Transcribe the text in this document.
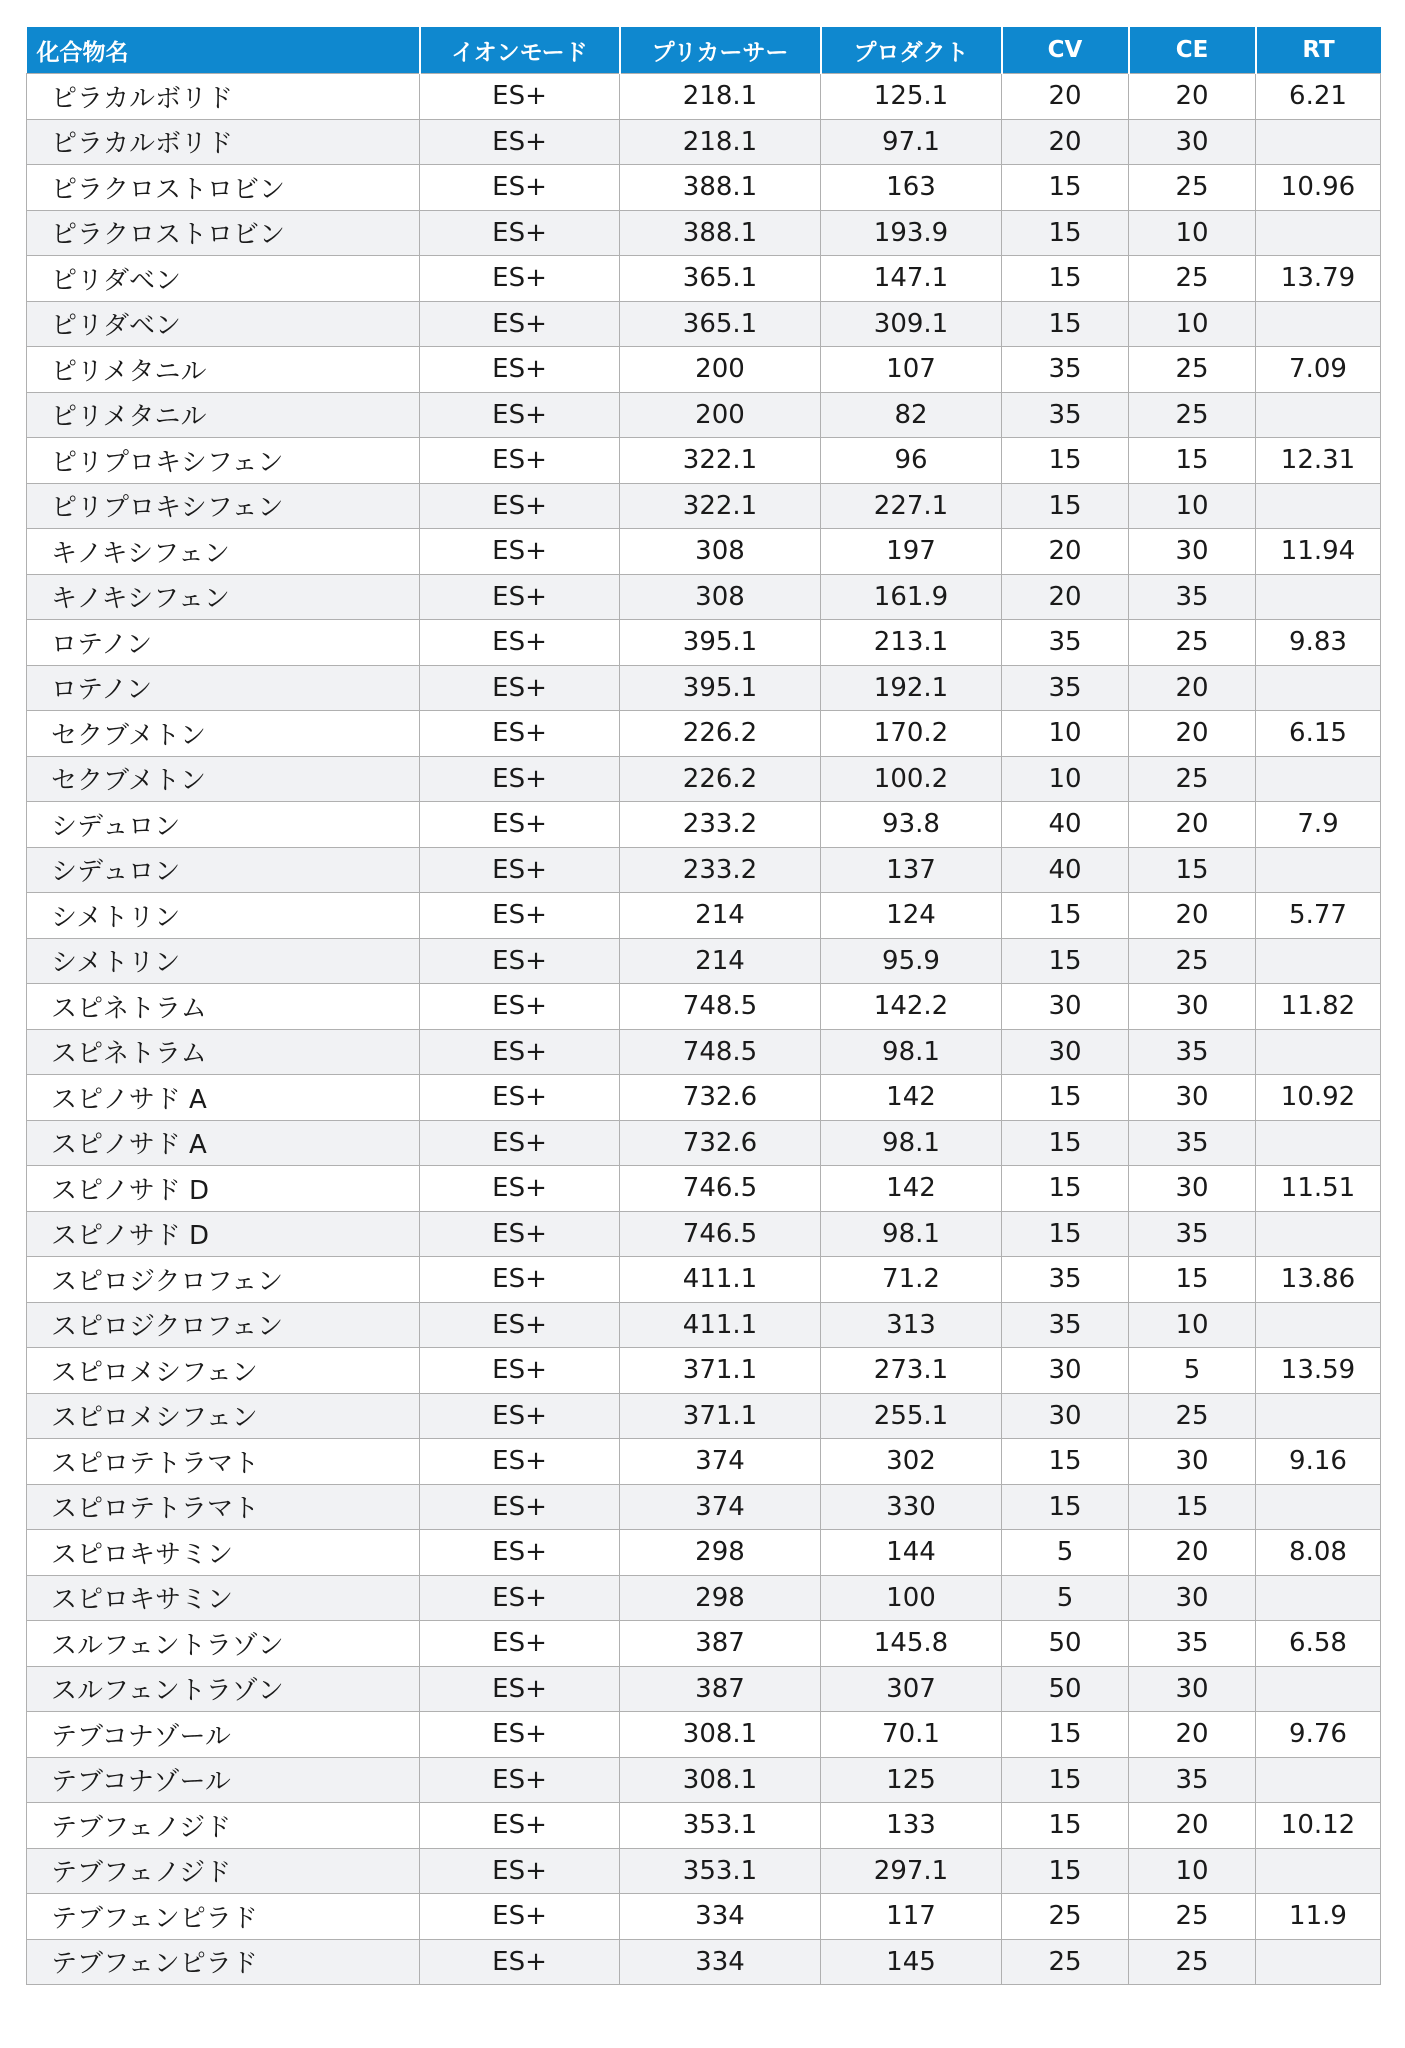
化合物名	イオンモード	プリカーサー	プロダクト	CV	CE	RT
ピラカルボリド	ES+	218.1	125.1	20	20	6.21
ピラカルボリド	ES+	218.1	97.1	20	30	
ピラクロストロビン	ES+	388.1	163	15	25	10.96
ピラクロストロビン	ES+	388.1	193.9	15	10	
ピリダベン	ES+	365.1	147.1	15	25	13.79
ピリダベン	ES+	365.1	309.1	15	10	
ピリメタニル	ES+	200	107	35	25	7.09
ピリメタニル	ES+	200	82	35	25	
ピリプロキシフェン	ES+	322.1	96	15	15	12.31
ピリプロキシフェン	ES+	322.1	227.1	15	10	
キノキシフェン	ES+	308	197	20	30	11.94
キノキシフェン	ES+	308	161.9	20	35	
ロテノン	ES+	395.1	213.1	35	25	9.83
ロテノン	ES+	395.1	192.1	35	20	
セクブメトン	ES+	226.2	170.2	10	20	6.15
セクブメトン	ES+	226.2	100.2	10	25	
シデュロン	ES+	233.2	93.8	40	20	7.9
シデュロン	ES+	233.2	137	40	15	
シメトリン	ES+	214	124	15	20	5.77
シメトリン	ES+	214	95.9	15	25	
スピネトラム	ES+	748.5	142.2	30	30	11.82
スピネトラム	ES+	748.5	98.1	30	35	
スピノサド A	ES+	732.6	142	15	30	10.92
スピノサド A	ES+	732.6	98.1	15	35	
スピノサド D	ES+	746.5	142	15	30	11.51
スピノサド D	ES+	746.5	98.1	15	35	
スピロジクロフェン	ES+	411.1	71.2	35	15	13.86
スピロジクロフェン	ES+	411.1	313	35	10	
スピロメシフェン	ES+	371.1	273.1	30	5	13.59
スピロメシフェン	ES+	371.1	255.1	30	25	
スピロテトラマト	ES+	374	302	15	30	9.16
スピロテトラマト	ES+	374	330	15	15	
スピロキサミン	ES+	298	144	5	20	8.08
スピロキサミン	ES+	298	100	5	30	
スルフェントラゾン	ES+	387	145.8	50	35	6.58
スルフェントラゾン	ES+	387	307	50	30	
テブコナゾール	ES+	308.1	70.1	15	20	9.76
テブコナゾール	ES+	308.1	125	15	35	
テブフェノジド	ES+	353.1	133	15	20	10.12
テブフェノジド	ES+	353.1	297.1	15	10	
テブフェンピラド	ES+	334	117	25	25	11.9
テブフェンピラド	ES+	334	145	25	25	
